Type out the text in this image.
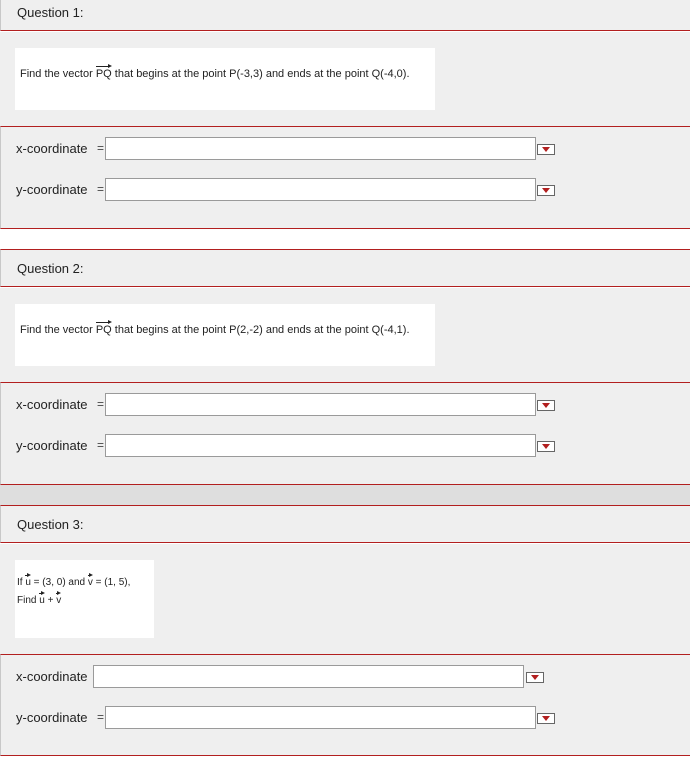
Question 1:
Find the vector PQ that begins at the point P(-3,3) and ends at the point Q(-4,0).
x-coordinate =
y-coordinate =
Question 2:
Find the vector PQ that begins at the point P(2,-2) and ends at the point Q(-4,1).
x-coordinate =
y-coordinate =
Question 3:
If u = (3, 0) and v = (1, 5),
Find u + v
x-coordinate
y-coordinate =
